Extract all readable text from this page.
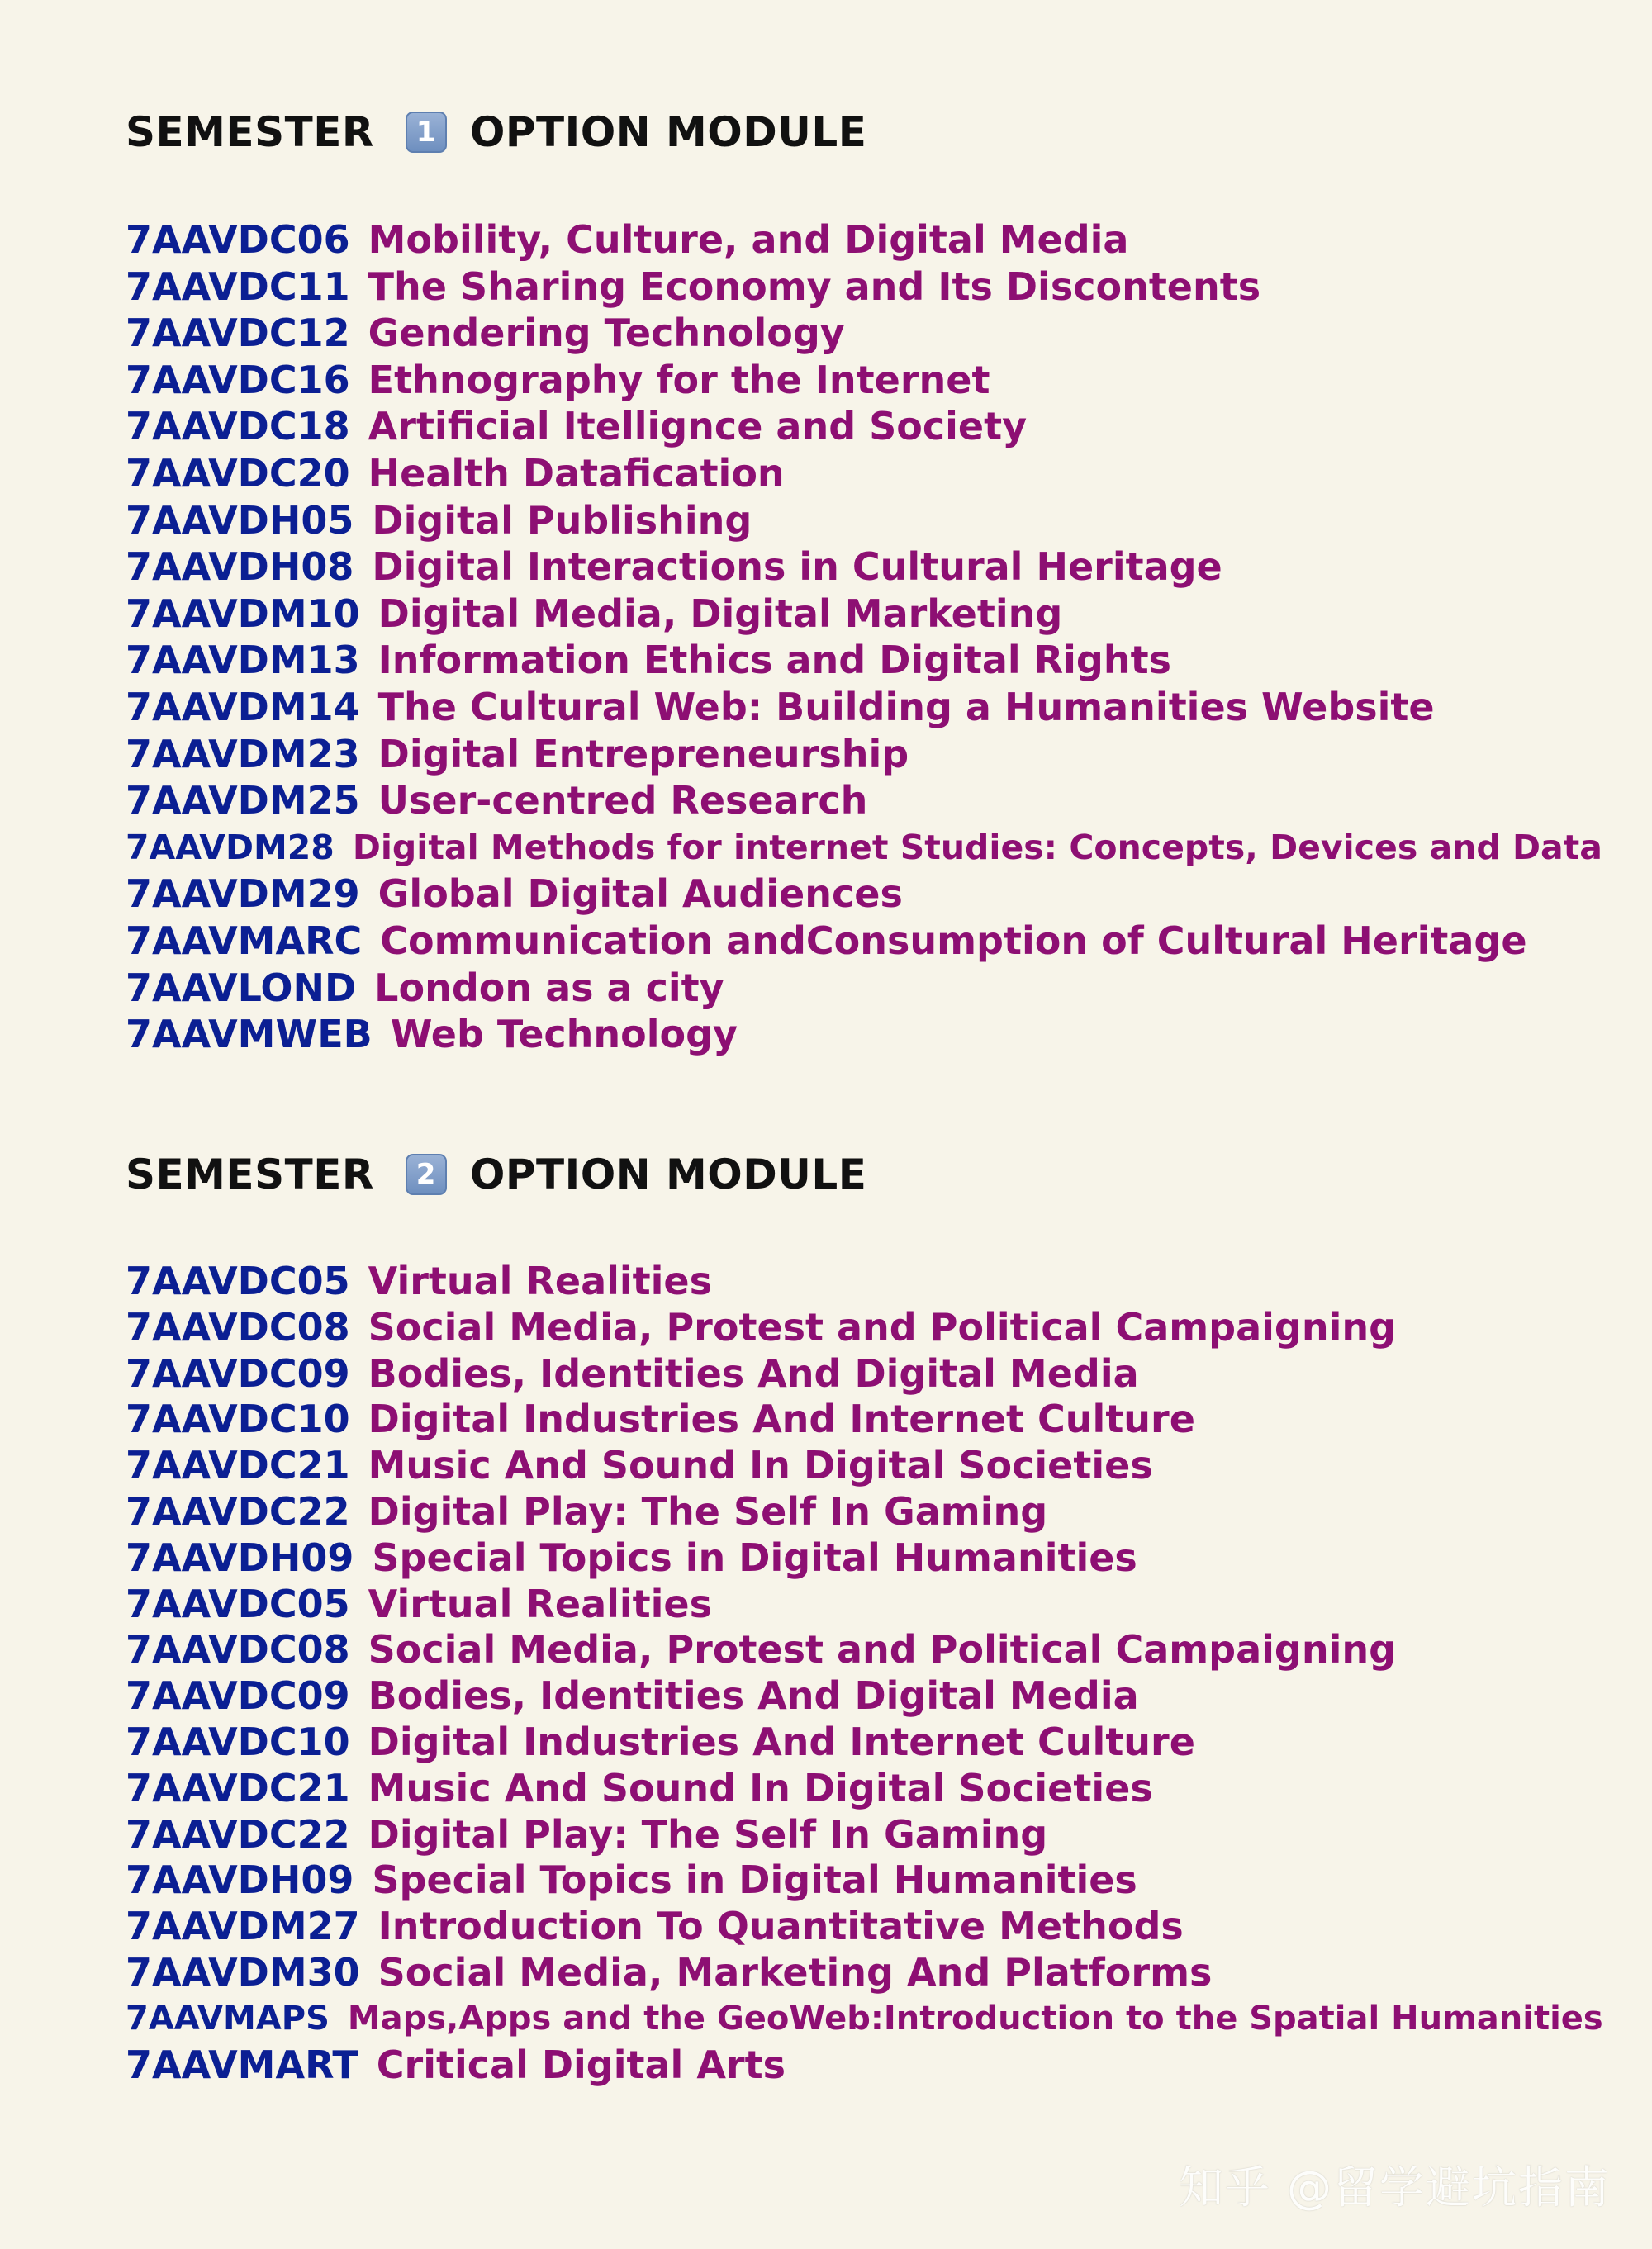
SEMESTER	1 OPTION MODULE
7AAVDC06 Mobility, Culture, and Digital Media
7AAVDC11 The Sharing Economy and Its Discontents
7AAVDC12 Gendering Technology
7AAVDC16 Ethnography for the Internet
7AAVDC18 Artificial Itellignce and Society
7AAVDC20 Health Datafication
7AAVDH05 Digital Publishing
7AAVDH08 Digital Interactions in Cultural Heritage
7AAVDM10 Digital Media, Digital Marketing
7AAVDM13 Information Ethics and Digital Rights
7AAVDM14 The Cultural Web: Building a Humanities Website
7AAVDM23 Digital Entrepreneurship
7AAVDM25 User-centred Research
7AAVDM28 Digital Methods for internet Studies: Concepts, Devices and Data
7AAVDM29 Global Digital Audiences
7AAVMARC Communication andConsumption of Cultural Heritage
7AAVLOND London as a city
7AAVMWEB Web Technology
SEMESTER	2 OPTION MODULE
7AAVDC05 Virtual Realities
7AAVDC08 Social Media, Protest and Political Campaigning
7AAVDC09 Bodies, Identities And Digital Media
7AAVDC10 Digital Industries And Internet Culture
7AAVDC21 Music And Sound In Digital Societies
7AAVDC22 Digital Play: The Self In Gaming
7AAVDH09 Special Topics in Digital Humanities
7AAVDC05 Virtual Realities
7AAVDC08 Social Media, Protest and Political Campaigning
7AAVDC09 Bodies, Identities And Digital Media
7AAVDC10 Digital Industries And Internet Culture
7AAVDC21 Music And Sound In Digital Societies
7AAVDC22 Digital Play: The Self In Gaming
7AAVDH09 Special Topics in Digital Humanities
7AAVDM27 Introduction To Quantitative Methods
7AAVDM30 Social Media, Marketing And Platforms
7AAVMAPS Maps,Apps and the GeoWeb:Introduction to the Spatial Humanities
7AAVMART Critical Digital Arts
知乎 @留学避坑指南
